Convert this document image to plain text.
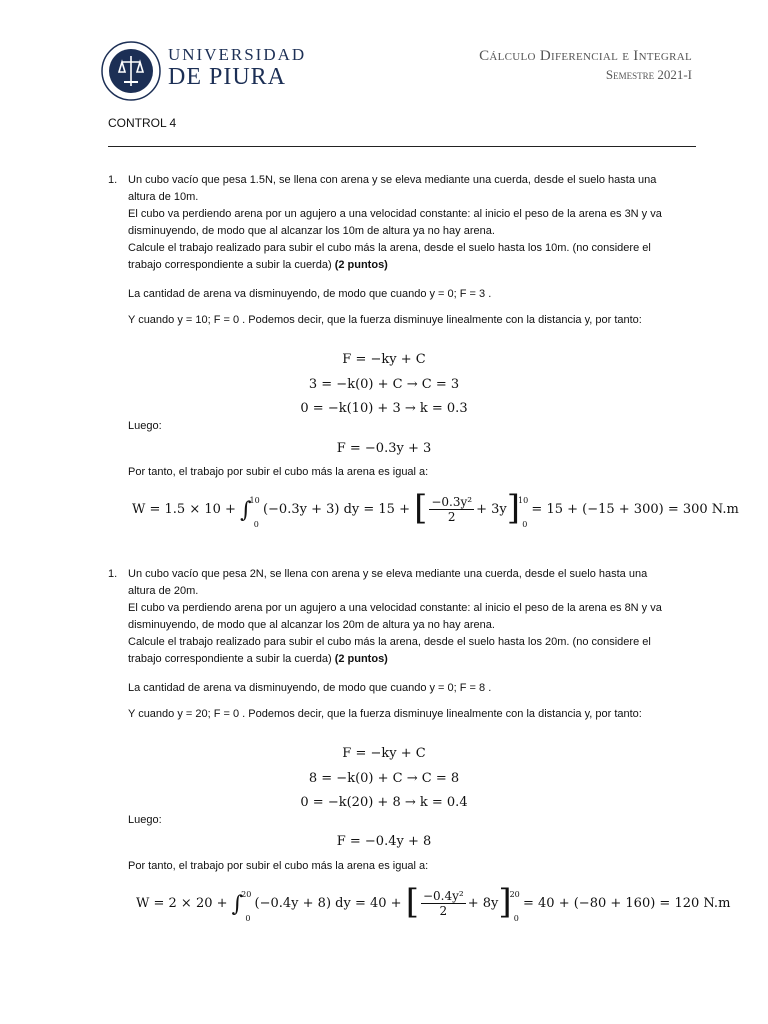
UNIVERSIDAD
DE PIURA
Cálculo Diferencial e Integral
Semestre 2021-I
CONTROL 4
1. Un cubo vacío que pesa 1.5N, se llena con arena y se eleva mediante una cuerda, desde el suelo hasta una altura de 10m.

El cubo va perdiendo arena por un agujero a una velocidad constante: al inicio el peso de la arena es 3N y va disminuyendo, de modo que al alcanzar los 10m de altura ya no hay arena.

Calcule el trabajo realizado para subir el cubo más la arena, desde el suelo hasta los 10m. (no considere el trabajo correspondiente a subir la cuerda) (2 puntos)

La cantidad de arena va disminuyendo, de modo que cuando y = 0; F = 3 .
Y cuando y = 10; F = 0 . Podemos decir, que la fuerza disminuye linealmente con la distancia y, por tanto:
F = −ky + C
3 = −k(0) + C → C = 3
0 = −k(10) + 3 → k = 0.3
Luego:
F = −0.3y + 3
Por tanto, el trabajo por subir el cubo más la arena es igual a:
W = 1.5 × 10 + ∫$^{10}_0$ (−0.3y + 3) dy = 15 + [ $\frac{\text{−0.3y²}}{2} + 3y]^{10}_0 = 15 + (-15 + 300) = 300$ N.m
1. Un cubo vacío que pesa 2N, se llena con arena y se eleva mediante una cuerda, desde el suelo hasta una altura de 20m.

El cubo va perdiendo arena por un agujero a una velocidad constante: al inicio el peso de la arena es 8N y va disminuyendo, de modo que al alcanzar los 20m de altura ya no hay arena.

Calcule el trabajo realizado para subir el cubo más la arena, desde el suelo hasta los 20m. (no considere el trabajo correspondiente a subir la cuerda) (2 puntos)

La cantidad de arena va disminuyendo, de modo que cuando y = 0; F = 8 .
Y cuando y = 20; F = 0 . Podemos decir, que la fuerza disminuye linealmente con la distancia y, por tanto:
F = −ky + C
8 = −k(0) + C → C = 8
0 = −k(20) + 8 → k = 0.4
Luego:
F = −0.4y + 8
Por tanto, el trabajo por subir el cubo más la arena es igual a:
W = 2 × 20 + ∫$^{20}_0$ (−0.4y + 8) dy = 40 + [ $\frac{\text{−0.4y²}}{2} + 8y]^{20}_0 = 40 + (-80 + 160) = 120$ N.m
